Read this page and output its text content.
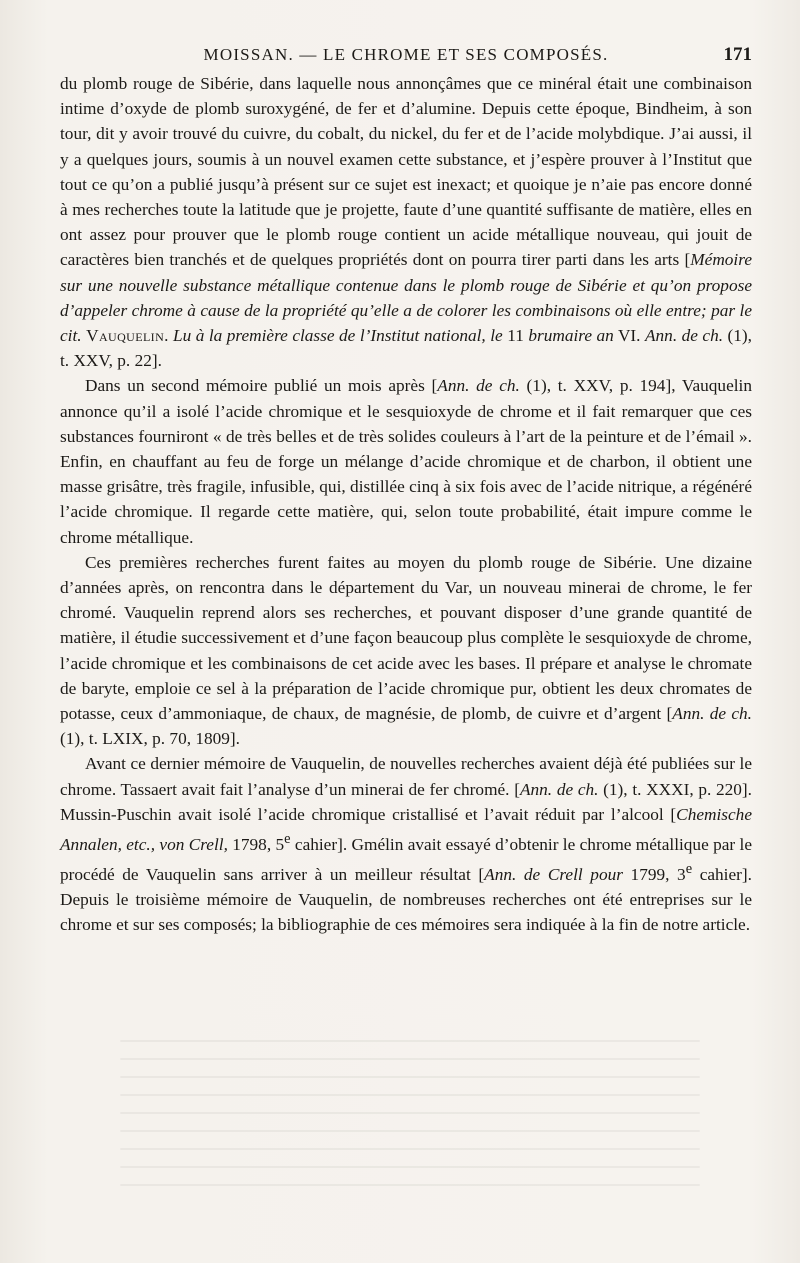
MOISSAN. — LE CHROME ET SES COMPOSÉS.	171

du plomb rouge de Sibérie, dans laquelle nous annonçâmes que ce minéral était une combinaison intime d’oxyde de plomb suroxygéné, de fer et d’alumine. Depuis cette époque, Bindheim, à son tour, dit y avoir trouvé du cuivre, du cobalt, du nickel, du fer et de l’acide molybdique. J’ai aussi, il y a quelques jours, soumis à un nouvel examen cette substance, et j’espère prouver à l’Institut que tout ce qu’on a publié jusqu’à présent sur ce sujet est inexact; et quoique je n’aie pas encore donné à mes recherches toute la latitude que je projette, faute d’une quantité suffisante de matière, elles en ont assez pour prouver que le plomb rouge contient un acide métallique nouveau, qui jouit de caractères bien tranchés et de quelques propriétés dont on pourra tirer parti dans les arts [Mémoire sur une nouvelle substance métallique contenue dans le plomb rouge de Sibérie et qu’on propose d’appeler chrome à cause de la propriété qu’elle a de colorer les combinaisons où elle entre; par le cit. Vauquelin. Lu à la première classe de l’Institut national, le 11 brumaire an VI. Ann. de ch. (1), t. XXV, p. 22].

Dans un second mémoire publié un mois après [Ann. de ch. (1), t. XXV, p. 194], Vauquelin annonce qu’il a isolé l’acide chromique et le sesquioxyde de chrome et il fait remarquer que ces substances fourniront « de très belles et de très solides couleurs à l’art de la peinture et de l’émail ». Enfin, en chauffant au feu de forge un mélange d’acide chromique et de charbon, il obtient une masse grisâtre, très fragile, infusible, qui, distillée cinq à six fois avec de l’acide nitrique, a régénéré l’acide chromique. Il regarde cette matière, qui, selon toute probabilité, était impure comme le chrome métallique.

Ces premières recherches furent faites au moyen du plomb rouge de Sibérie. Une dizaine d’années après, on rencontra dans le département du Var, un nouveau minerai de chrome, le fer chromé. Vauquelin reprend alors ses recherches, et pouvant disposer d’une grande quantité de matière, il étudie successivement et d’une façon beaucoup plus complète le sesquioxyde de chrome, l’acide chromique et les combinaisons de cet acide avec les bases. Il prépare et analyse le chromate de baryte, emploie ce sel à la préparation de l’acide chromique pur, obtient les deux chromates de potasse, ceux d’ammoniaque, de chaux, de magnésie, de plomb, de cuivre et d’argent [Ann. de ch. (1), t. LXIX, p. 70, 1809].

Avant ce dernier mémoire de Vauquelin, de nouvelles recherches avaient déjà été publiées sur le chrome. Tassaert avait fait l’analyse d’un minerai de fer chromé. [Ann. de ch. (1), t. XXXI, p. 220]. Mussin-Puschin avait isolé l’acide chromique cristallisé et l’avait réduit par l’alcool [Chemische Annalen, etc., von Crell, 1798, 5e cahier]. Gmélin avait essayé d’obtenir le chrome métallique par le procédé de Vauquelin sans arriver à un meilleur résultat [Ann. de Crell pour 1799, 3e cahier]. Depuis le troisième mémoire de Vauquelin, de nombreuses recherches ont été entreprises sur le chrome et sur ses composés; la bibliographie de ces mémoires sera indiquée à la fin de notre article.
